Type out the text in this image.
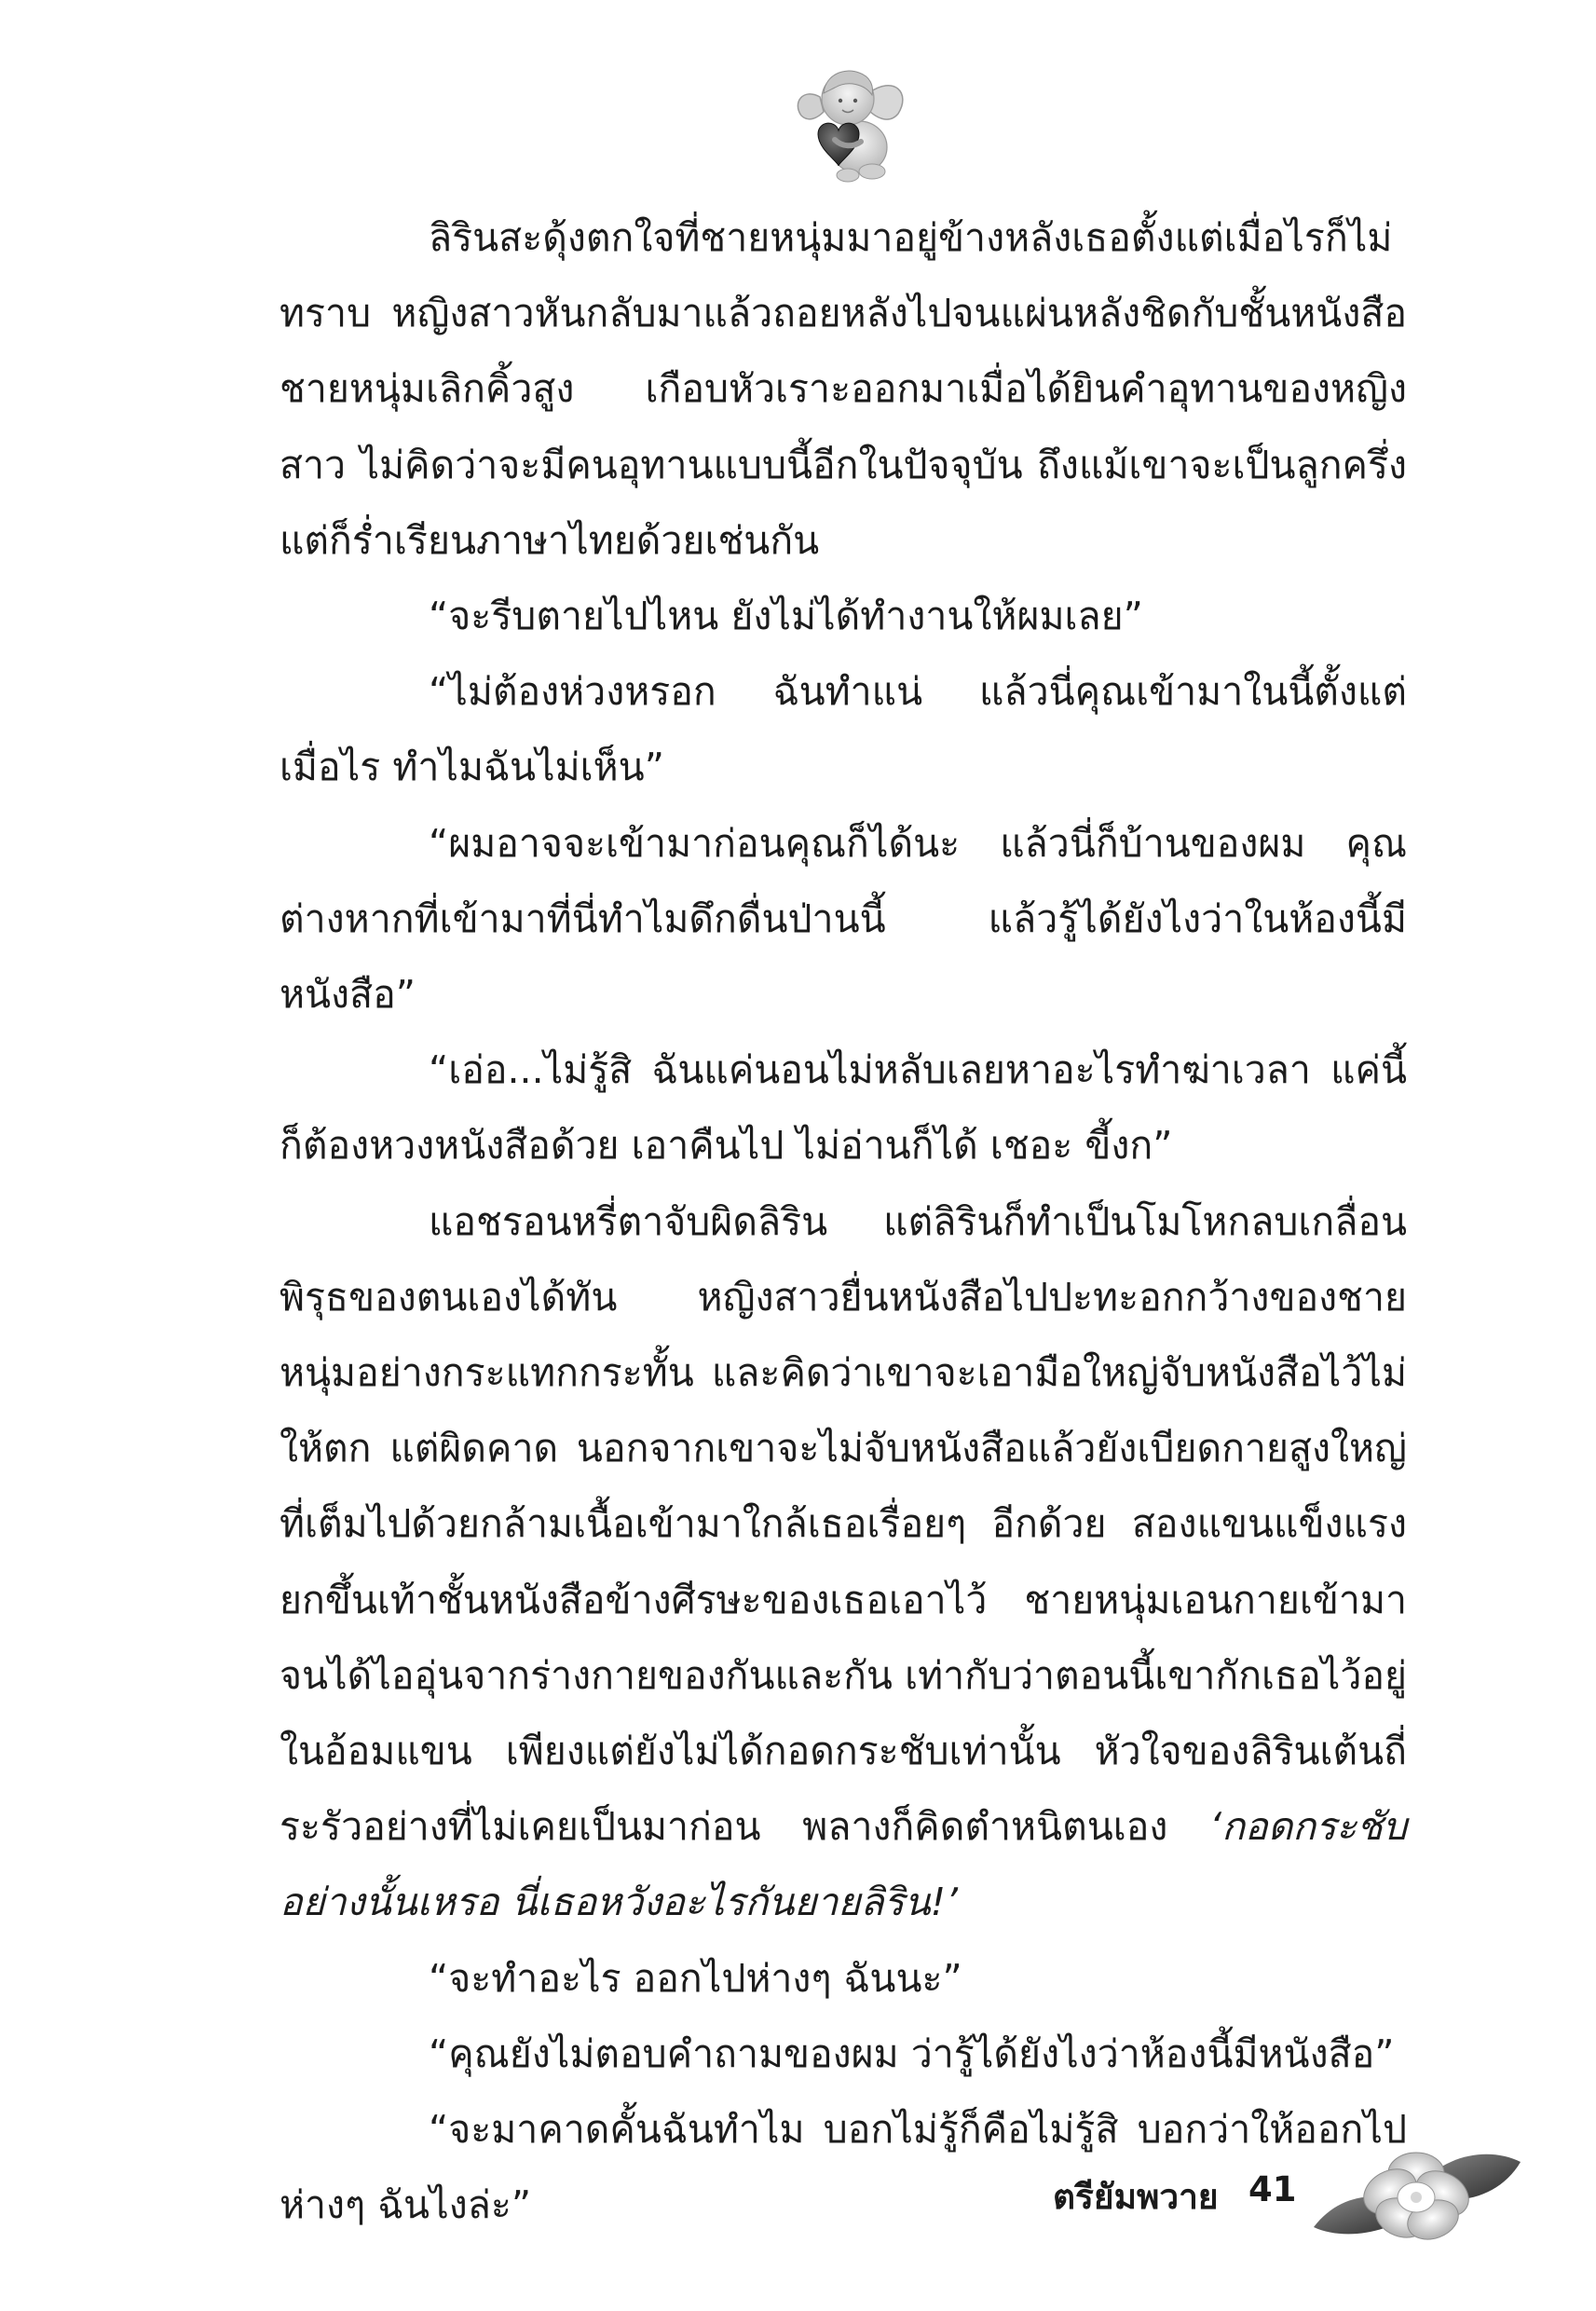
ลิรินสะดุ้งตกใจที่ชายหนุ่มมาอยู่ข้างหลังเธอตั้งแต่เมื่อไรก็ไม่ทราบ หญิงสาวหันกลับมาแล้วถอยหลังไปจนแผ่นหลังชิดกับชั้นหนังสือ ชายหนุ่มเลิกคิ้วสูง เกือบหัวเราะออกมาเมื่อได้ยินคำอุทานของหญิงสาว ไม่คิดว่าจะมีคนอุทานแบบนี้อีกในปัจจุบัน ถึงแม้เขาจะเป็นลูกครึ่ง แต่ก็ร่ำเรียนภาษาไทยด้วยเช่นกัน

“จะรีบตายไปไหน ยังไม่ได้ทำงานให้ผมเลย”

“ไม่ต้องห่วงหรอก ฉันทำแน่ แล้วนี่คุณเข้ามาในนี้ตั้งแต่เมื่อไร ทำไมฉันไม่เห็น”

“ผมอาจจะเข้ามาก่อนคุณก็ได้นะ แล้วนี่ก็บ้านของผม คุณต่างหากที่เข้ามาที่นี่ทำไมดึกดื่นป่านนี้ แล้วรู้ได้ยังไงว่าในห้องนี้มีหนังสือ”

“เอ่อ...ไม่รู้สิ ฉันแค่นอนไม่หลับเลยหาอะไรทำฆ่าเวลา แค่นี้ก็ต้องหวงหนังสือด้วย เอาคืนไป ไม่อ่านก็ได้ เชอะ ขี้งก”

แอชรอนหรี่ตาจับผิดลิริน แต่ลิรินก็ทำเป็นโมโหกลบเกลื่อนพิรุธของตนเองได้ทัน หญิงสาวยื่นหนังสือไปปะทะอกกว้างของชายหนุ่มอย่างกระแทกกระทั้น และคิดว่าเขาจะเอามือใหญ่จับหนังสือไว้ไม่ให้ตก แต่ผิดคาด นอกจากเขาจะไม่จับหนังสือแล้วยังเบียดกายสูงใหญ่ ที่เต็มไปด้วยกล้ามเนื้อเข้ามาใกล้เธอเรื่อยๆ อีกด้วย สองแขนแข็งแรงยกขึ้นเท้าชั้นหนังสือข้างศีรษะของเธอเอาไว้ ชายหนุ่มเอนกายเข้ามาจนได้ไออุ่นจากร่างกายของกันและกัน เท่ากับว่าตอนนี้เขากักเธอไว้อยู่ในอ้อมแขน เพียงแต่ยังไม่ได้กอดกระชับเท่านั้น หัวใจของลิรินเต้นถี่ระรัวอย่างที่ไม่เคยเป็นมาก่อน พลางก็คิดตำหนิตนเอง ‘กอดกระชับอย่างนั้นเหรอ นี่เธอหวังอะไรกันยายลิริน!’

“จะทำอะไร ออกไปห่างๆ ฉันนะ”

“คุณยังไม่ตอบคำถามของผม ว่ารู้ได้ยังไงว่าห้องนี้มีหนังสือ”

“จะมาคาดคั้นฉันทำไม บอกไม่รู้ก็คือไม่รู้สิ บอกว่าให้ออกไปห่างๆ ฉันไงล่ะ”	ตรียัมพวาย 41
